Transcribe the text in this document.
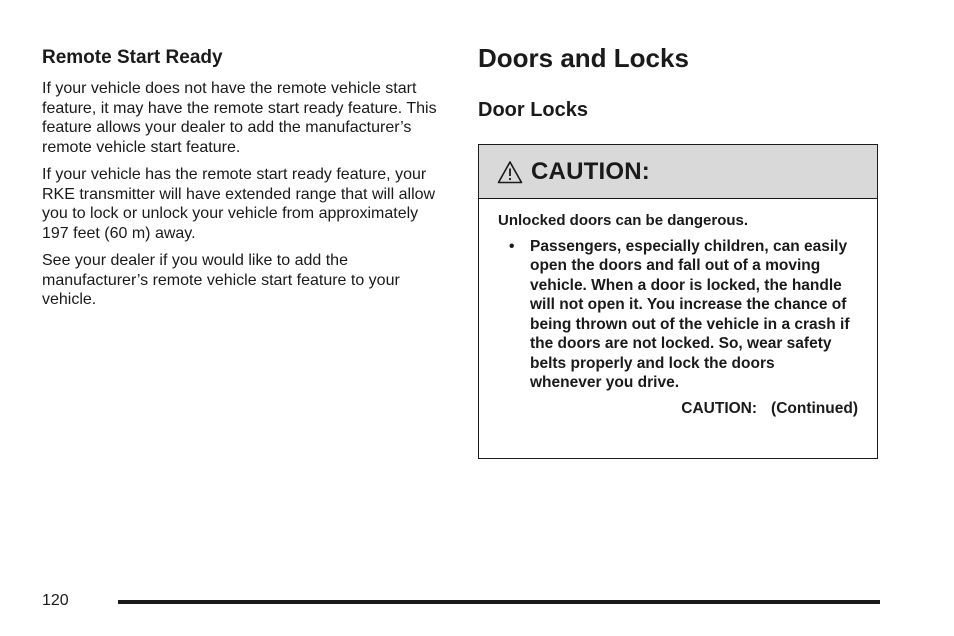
Remote Start Ready

If your vehicle does not have the remote vehicle start feature, it may have the remote start ready feature. This feature allows your dealer to add the manufacturer’s remote vehicle start feature.

If your vehicle has the remote start ready feature, your RKE transmitter will have extended range that will allow you to lock or unlock your vehicle from approximately 197 feet (60 m) away.

See your dealer if you would like to add the manufacturer’s remote vehicle start feature to your vehicle.

Doors and Locks
Door Locks
CAUTION:

Unlocked doors can be dangerous.

•	Passengers, especially children, can easily open the doors and fall out of a moving vehicle. When a door is locked, the handle will not open it. You increase the chance of being thrown out of the vehicle in a crash if the doors are not locked. So, wear safety belts properly and lock the doors whenever you drive.
CAUTION: (Continued)
120
